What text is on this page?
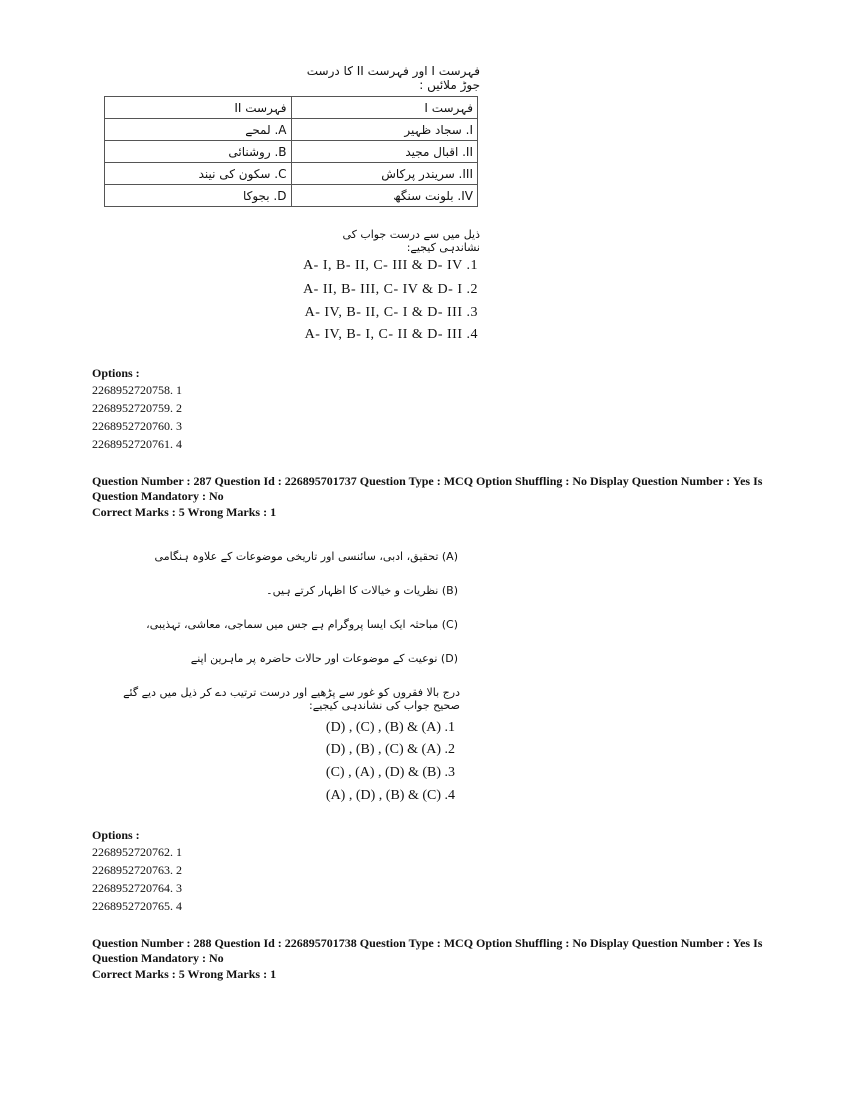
فہرست I اور فہرست II کا درست جوڑ ملائیں :
فہرست II	فہرست I
A. لمحے	I. سجاد ظہیر
B. روشنائی	II. اقبال مجید
C. سکون کی نیند	III. سریندر پرکاش
D. بجوکا	IV. بلونت سنگھ
ذیل میں سے درست جواب کی نشاندہی کیجیے:
A- I, B- II, C- III & D- IV .1
A- II, B- III, C- IV & D- I .2
A- IV, B- II, C- I & D- III .3
A- IV, B- I, C- II & D- III .4
Options :
2268952720758. 1
2268952720759. 2
2268952720760. 3
2268952720761. 4
Question Number : 287 Question Id : 226895701737 Question Type : MCQ Option Shuffling : No Display Question Number : Yes Is Question Mandatory : No
Correct Marks : 5 Wrong Marks : 1
(A) تحقیق، ادبی، سائنسی اور تاریخی موضوعات کے علاوہ ہنگامی
(B) نظریات و خیالات کا اظہار کرتے ہیں۔
(C) مباحثہ ایک ایسا پروگرام ہے جس میں سماجی، معاشی، تہذیبی،
(D) نوعیت کے موضوعات اور حالات حاضرہ پر ماہرین اپنے
درج بالا فقروں کو غور سے پڑھیے اور درست ترتیب دے کر ذیل میں دیے گئے صحیح جواب کی نشاندہی کیجیے:
(D) , (C) , (B) & (A) .1
(D) , (B) , (C) & (A) .2
(C) , (A) , (D) & (B) .3
(A) , (D) , (B) & (C) .4
Options :
2268952720762. 1
2268952720763. 2
2268952720764. 3
2268952720765. 4
Question Number : 288 Question Id : 226895701738 Question Type : MCQ Option Shuffling : No Display Question Number : Yes Is Question Mandatory : No
Correct Marks : 5 Wrong Marks : 1
